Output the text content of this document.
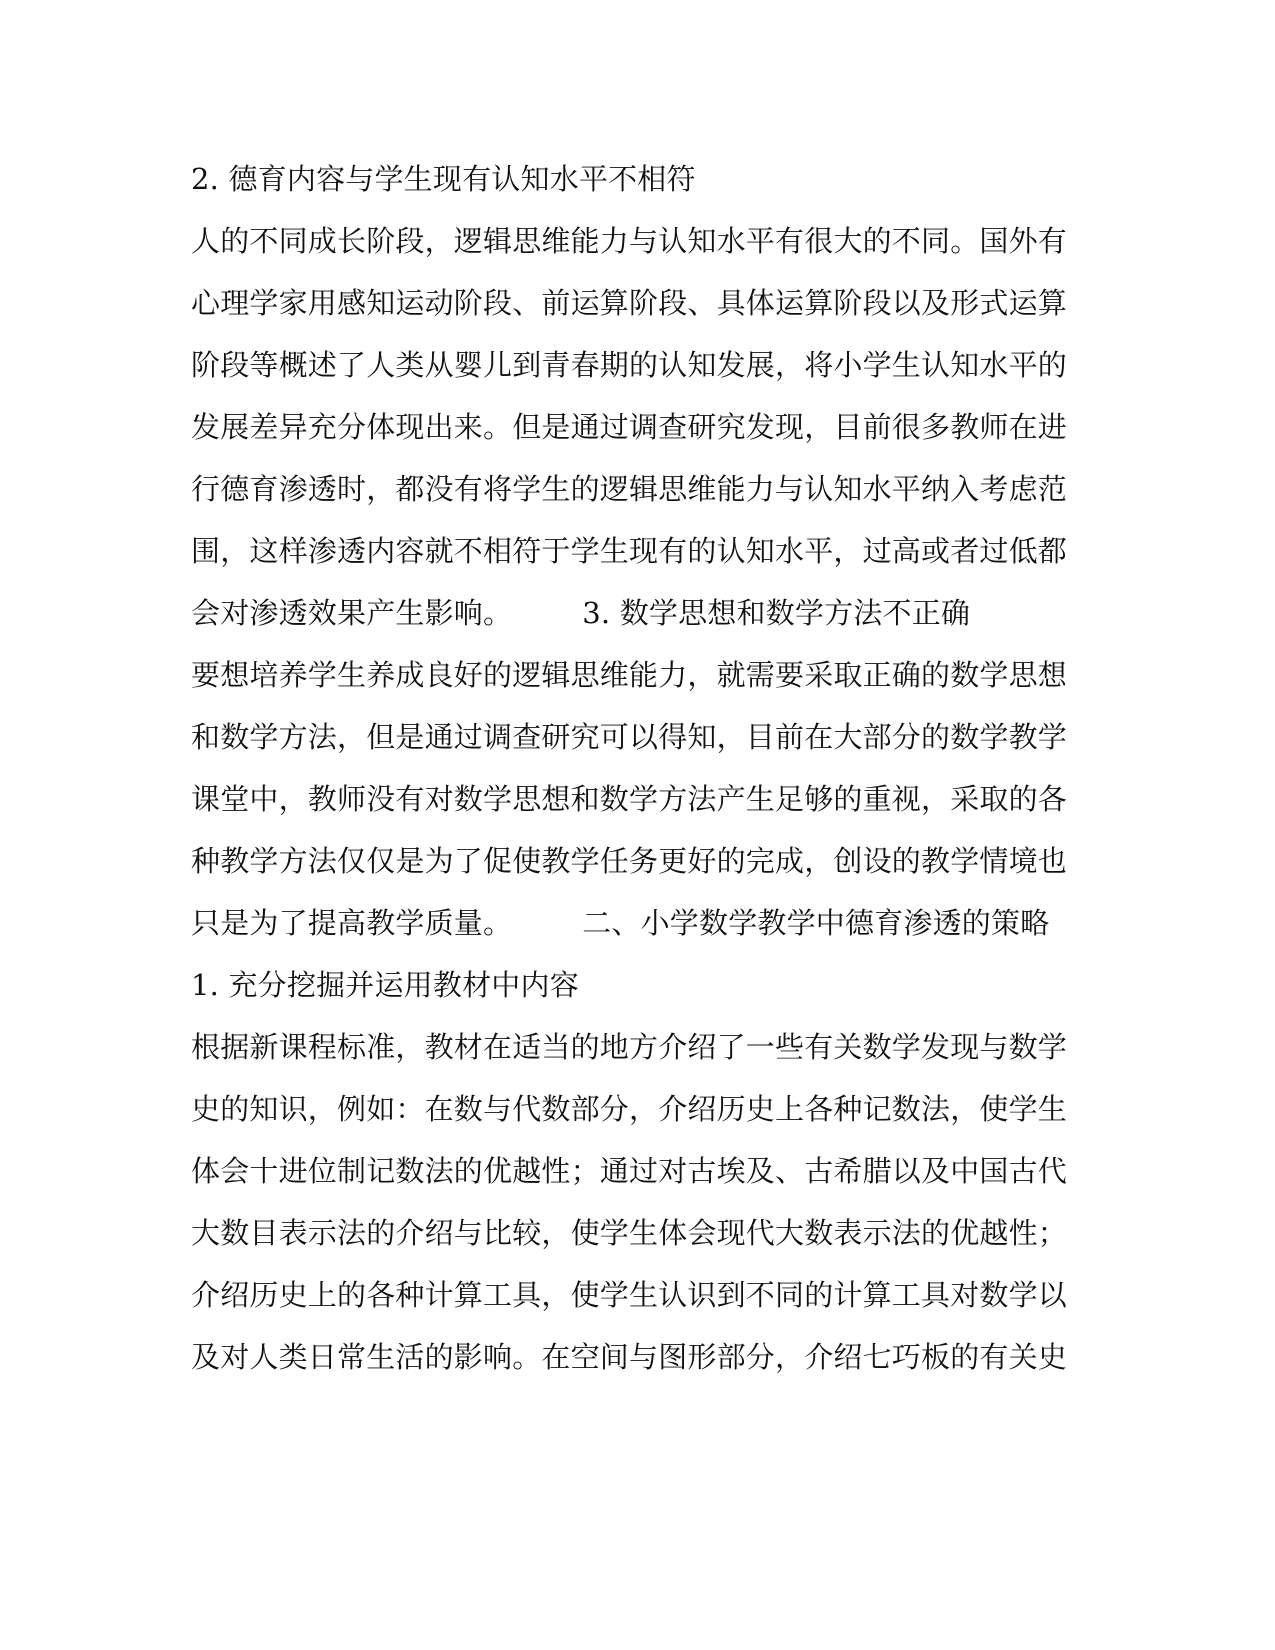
2. 德育内容与学生现有认知水平不相符
人的不同成长阶段，逻辑思维能力与认知水平有很大的不同。国外有
心理学家用感知运动阶段、前运算阶段、具体运算阶段以及形式运算
阶段等概述了人类从婴儿到青春期的认知发展，将小学生认知水平的
发展差异充分体现出来。但是通过调查研究发现，目前很多教师在进
行德育渗透时，都没有将学生的逻辑思维能力与认知水平纳入考虑范
围，这样渗透内容就不相符于学生现有的认知水平，过高或者过低都
会对渗透效果产生影响。 3. 数学思想和数学方法不正确
要想培养学生养成良好的逻辑思维能力，就需要采取正确的数学思想
和数学方法，但是通过调查研究可以得知，目前在大部分的数学教学
课堂中，教师没有对数学思想和数学方法产生足够的重视，采取的各
种教学方法仅仅是为了促使教学任务更好的完成，创设的教学情境也
只是为了提高教学质量。 二、小学数学教学中德育渗透的策略
1. 充分挖掘并运用教材中内容
根据新课程标准，教材在适当的地方介绍了一些有关数学发现与数学
史的知识，例如：在数与代数部分，介绍历史上各种记数法，使学生
体会十进位制记数法的优越性；通过对古埃及、古希腊以及中国古代
大数目表示法的介绍与比较，使学生体会现代大数表示法的优越性；
介绍历史上的各种计算工具，使学生认识到不同的计算工具对数学以
及对人类日常生活的影响。在空间与图形部分，介绍七巧板的有关史
